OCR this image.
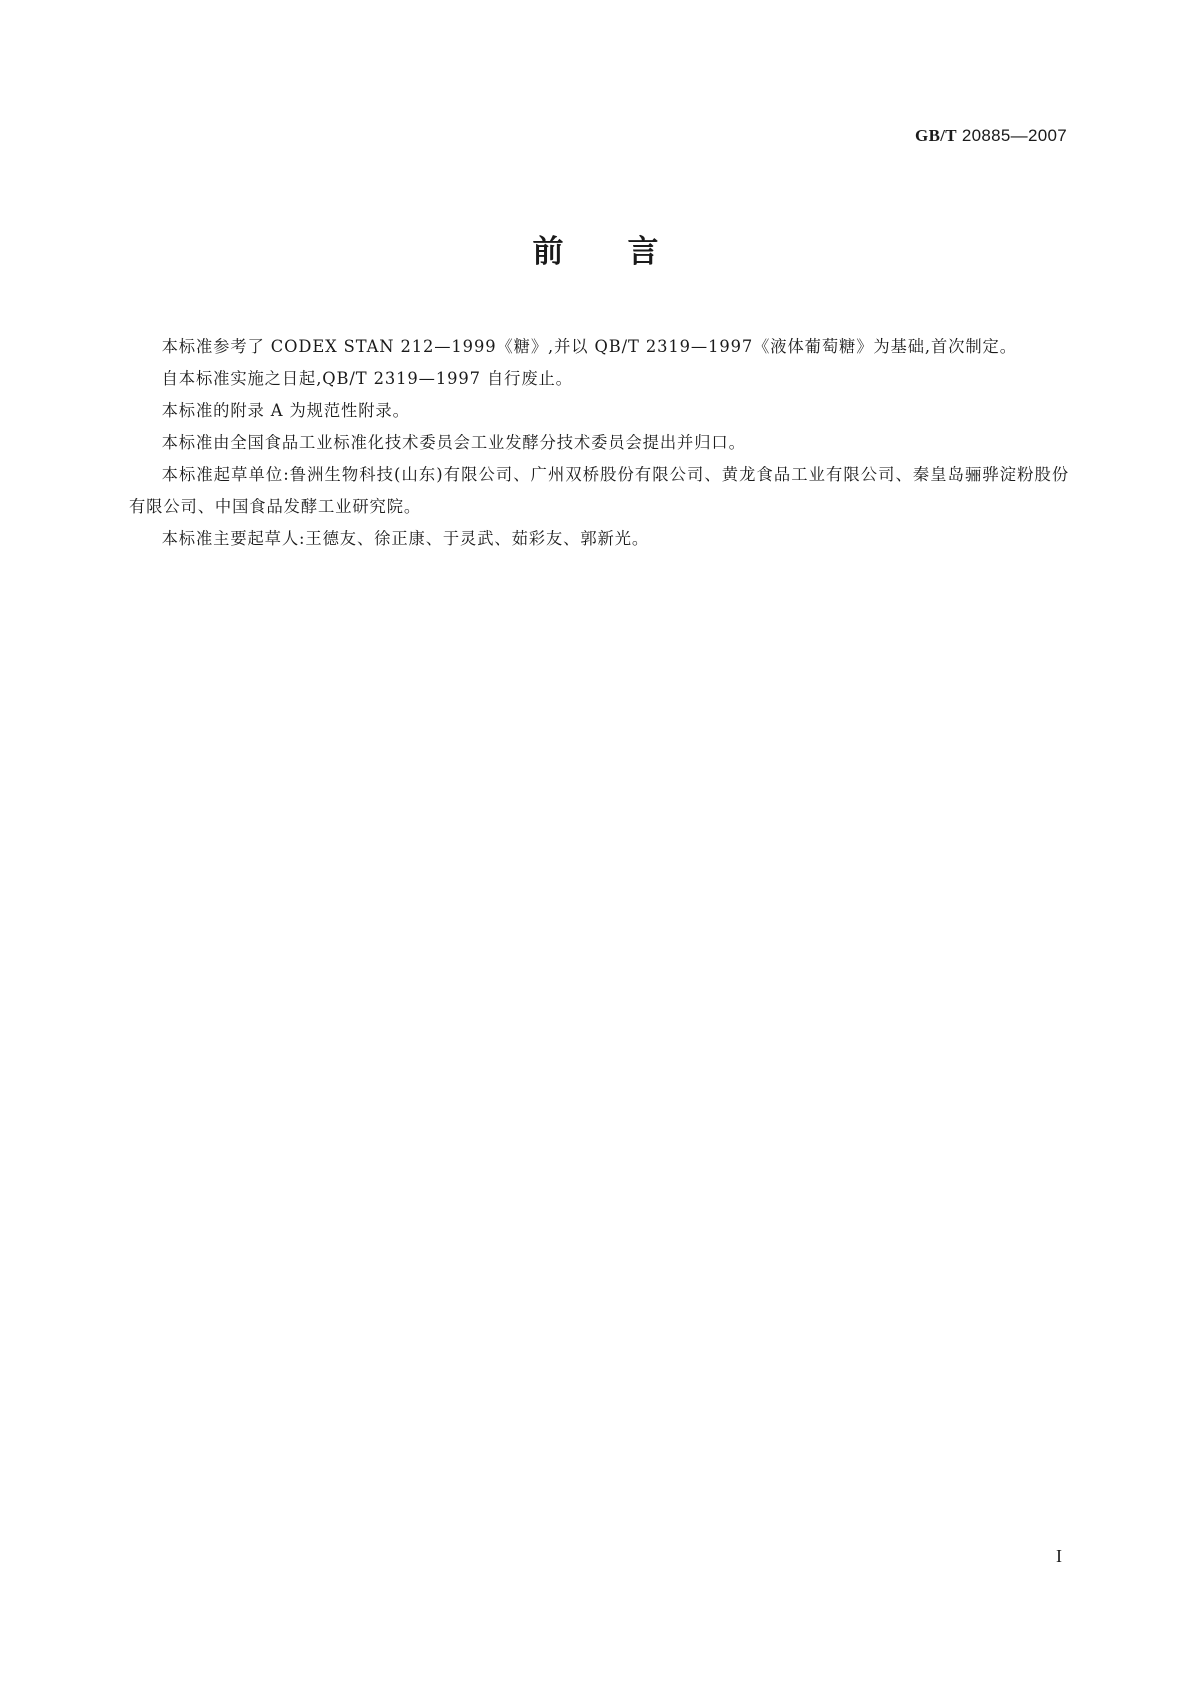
GB/T 20885—2007
前言

本标准参考了 CODEX STAN 212—1999《糖》,并以 QB/T 2319—1997《液体葡萄糖》为基础,首次制定。

自本标准实施之日起,QB/T 2319—1997 自行废止。

本标准的附录 A 为规范性附录。

本标准由全国食品工业标准化技术委员会工业发酵分技术委员会提出并归口。

本标准起草单位:鲁洲生物科技(山东)有限公司、广州双桥股份有限公司、黄龙食品工业有限公司、秦皇岛骊骅淀粉股份有限公司、中国食品发酵工业研究院。

本标准主要起草人:王德友、徐正康、于灵武、茹彩友、郭新光。

I
